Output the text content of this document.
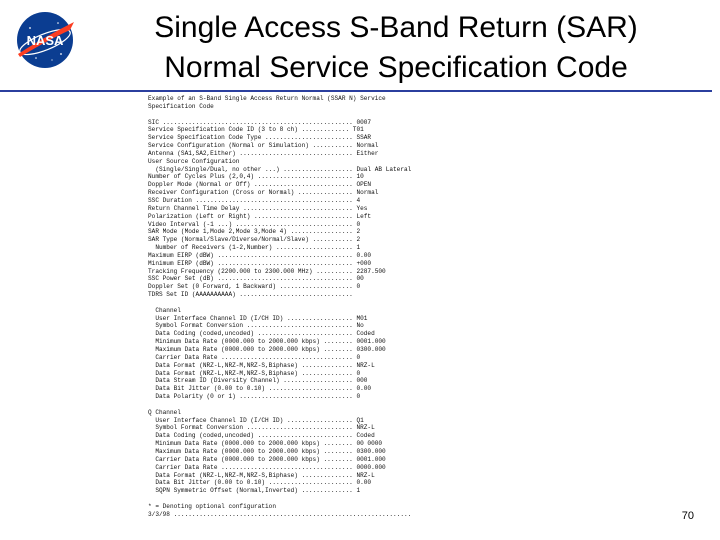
NASA	Single Access S-Band Return (SAR)
Normal Service Specification Code
Example of an S-Band Single Access Return Normal (SSAR N) Service
Specification Code
SIC .................................................... 0007
Service Specification Code ID (3 to 8 ch) ............. T01
Service Specification Code Type ........................ SSAR
Service Configuration (Normal or Simulation) ........... Normal
Antenna (SA1,SA2,Either) ............................... Either
User Source Configuration
(Single/Single/Dual, no other ...) ................... Dual AB Lateral
Number of Cycles Plus (2,0,4) .......................... 10
Doppler Mode (Normal or Off) ........................... OPEN
Receiver Configuration (Cross or Normal) ............... Normal
SSC Duration ........................................... 4
Return Channel Time Delay .............................. Yes
Polarization (Left or Right) ........................... Left
Video Interval (-1 ...) ................................ 0
SAR Mode (Mode 1,Mode 2,Mode 3,Mode 4) ................. 2
SAR Type (Normal/Slave/Diverse/Normal/Slave) ........... 2
Number of Receivers (1-2,Number) ..................... 1
Maximum EIRP (dBW) ..................................... 0.00
Minimum EIRP (dBW) ..................................... +000
Tracking Frequency (2200.000 to 2300.000 MHz) .......... 2287.500
SSC Power Set (dB) ..................................... 00
Doppler Set (0 Forward, 1 Backward) .................... 0
TDRS Set ID (AAAAAAAAAA) ...............................
Channel
User Interface Channel ID (I/CH ID) .................. M01
Symbol Format Conversion ............................. No
Data Coding (coded,uncoded) .......................... Coded
Minimum Data Rate (0000.000 to 2000.000 kbps) ........ 0001.000
Maximum Data Rate (0000.000 to 2000.000 kbps) ........ 0300.000
Carrier Data Rate .................................... 0
Data Format (NRZ-L,NRZ-M,NRZ-S,Biphase) .............. NRZ-L
Data Format (NRZ-L,NRZ-M,NRZ-S,Biphase) .............. 0
Data Stream ID (Diversity Channel) ................... 000
Data Bit Jitter (0.00 to 0.10) ....................... 0.00
Data Polarity (0 or 1) ............................... 0
Q Channel
User Interface Channel ID (I/CH ID) .................. Q1
Symbol Format Conversion ............................. NRZ-L
Data Coding (coded,uncoded) .......................... Coded
Minimum Data Rate (0000.000 to 2000.000 kbps) ........ 00 0000
Maximum Data Rate (0000.000 to 2000.000 kbps) ........ 0300.000
Carrier Data Rate (0000.000 to 2000.000 kbps) ........ 0001.000
Carrier Data Rate .................................... 0000.000
Data Format (NRZ-L,NRZ-M,NRZ-S,Biphase) .............. NRZ-L
Data Bit Jitter (0.00 to 0.10) ....................... 0.00
SQPN Symmetric Offset (Normal,Inverted) .............. 1
* = Denoting optional configuration
3/3/98 .................................................................	70
